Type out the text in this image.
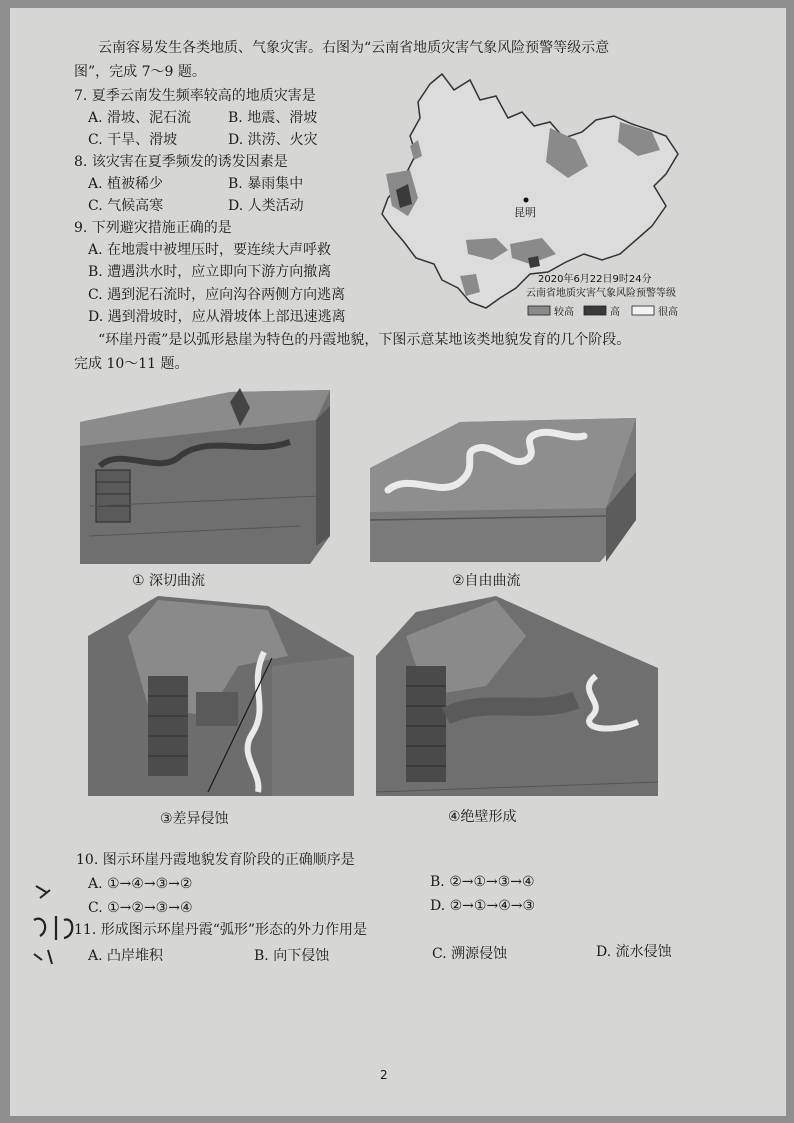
云南容易发生各类地质、气象灾害。右图为“云南省地质灾害气象风险预警等级示意
图”，完成 7～9 题。
7. 夏季云南发生频率较高的地质灾害是
A. 滑坡、泥石流	B. 地震、滑坡
C. 干旱、滑坡	D. 洪涝、火灾
8. 该灾害在夏季频发的诱发因素是
A. 植被稀少	B. 暴雨集中
C. 气候高寒	D. 人类活动
9. 下列避灾措施正确的是
A. 在地震中被埋压时，要连续大声呼救
B. 遭遇洪水时，应立即向下游方向撤离
C. 遇到泥石流时，应向沟谷两侧方向逃离
D. 遇到滑坡时，应从滑坡体上部迅速逃离
昆明
2020年6月22日9时24分
云南省地质灾害气象风险预警等级
较高	高	很高
“环崖丹霞”是以弧形悬崖为特色的丹霞地貌，下图示意某地该类地貌发育的几个阶段。
完成 10～11 题。
① 深切曲流	②自由曲流
③差异侵蚀	④绝壁形成
10. 图示环崖丹霞地貌发育阶段的正确顺序是
A. ①→④→③→②	B. ②→①→③→④
C. ①→②→③→④	D. ②→①→④→③
11. 形成图示环崖丹霞“弧形”形态的外力作用是
A. 凸岸堆积	B. 向下侵蚀	C. 溯源侵蚀	D. 流水侵蚀
2
